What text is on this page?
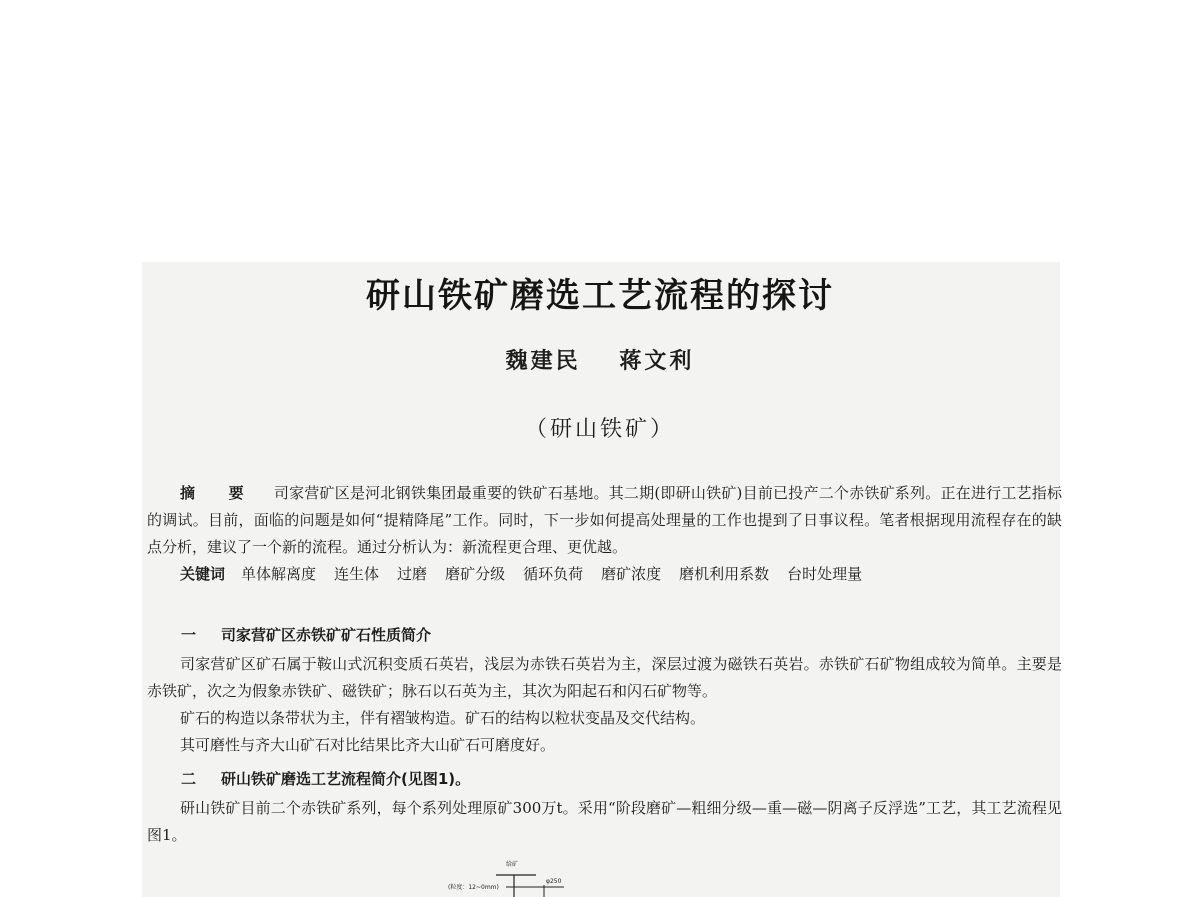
研山铁矿磨选工艺流程的探讨
魏建民 蒋文利
（研山铁矿）

摘 要 司家营矿区是河北钢铁集团最重要的铁矿石基地。其二期(即研山铁矿)目前已投产二个赤铁矿系列。正在进行工艺指标的调试。目前，面临的问题是如何“提精降尾”工作。同时，下一步如何提高处理量的工作也提到了日事议程。笔者根据现用流程存在的缺点分析，建议了一个新的流程。通过分析认为：新流程更合理、更优越。

关键词 单体解离度 连生体 过磨 磨矿分级 循环负荷 磨矿浓度 磨机利用系数 台时处理量

一 司家营矿区赤铁矿矿石性质简介

司家营矿区矿石属于鞍山式沉积变质石英岩，浅层为赤铁石英岩为主，深层过渡为磁铁石英岩。赤铁矿石矿物组成较为简单。主要是赤铁矿，次之为假象赤铁矿、磁铁矿；脉石以石英为主，其次为阳起石和闪石矿物等。

矿石的构造以条带状为主，伴有褶皱构造。矿石的结构以粒状变晶及交代结构。

其可磨性与齐大山矿石对比结果比齐大山矿石可磨度好。

二 研山铁矿磨选工艺流程简介(见图1)。

研山铁矿目前二个赤铁矿系列，每个系列处理原矿300万t。采用“阶段磨矿—粗细分级—重—磁—阴离子反浮选”工艺，其工艺流程见图1。

给矿
(粒度：12~0mm)
φ250
